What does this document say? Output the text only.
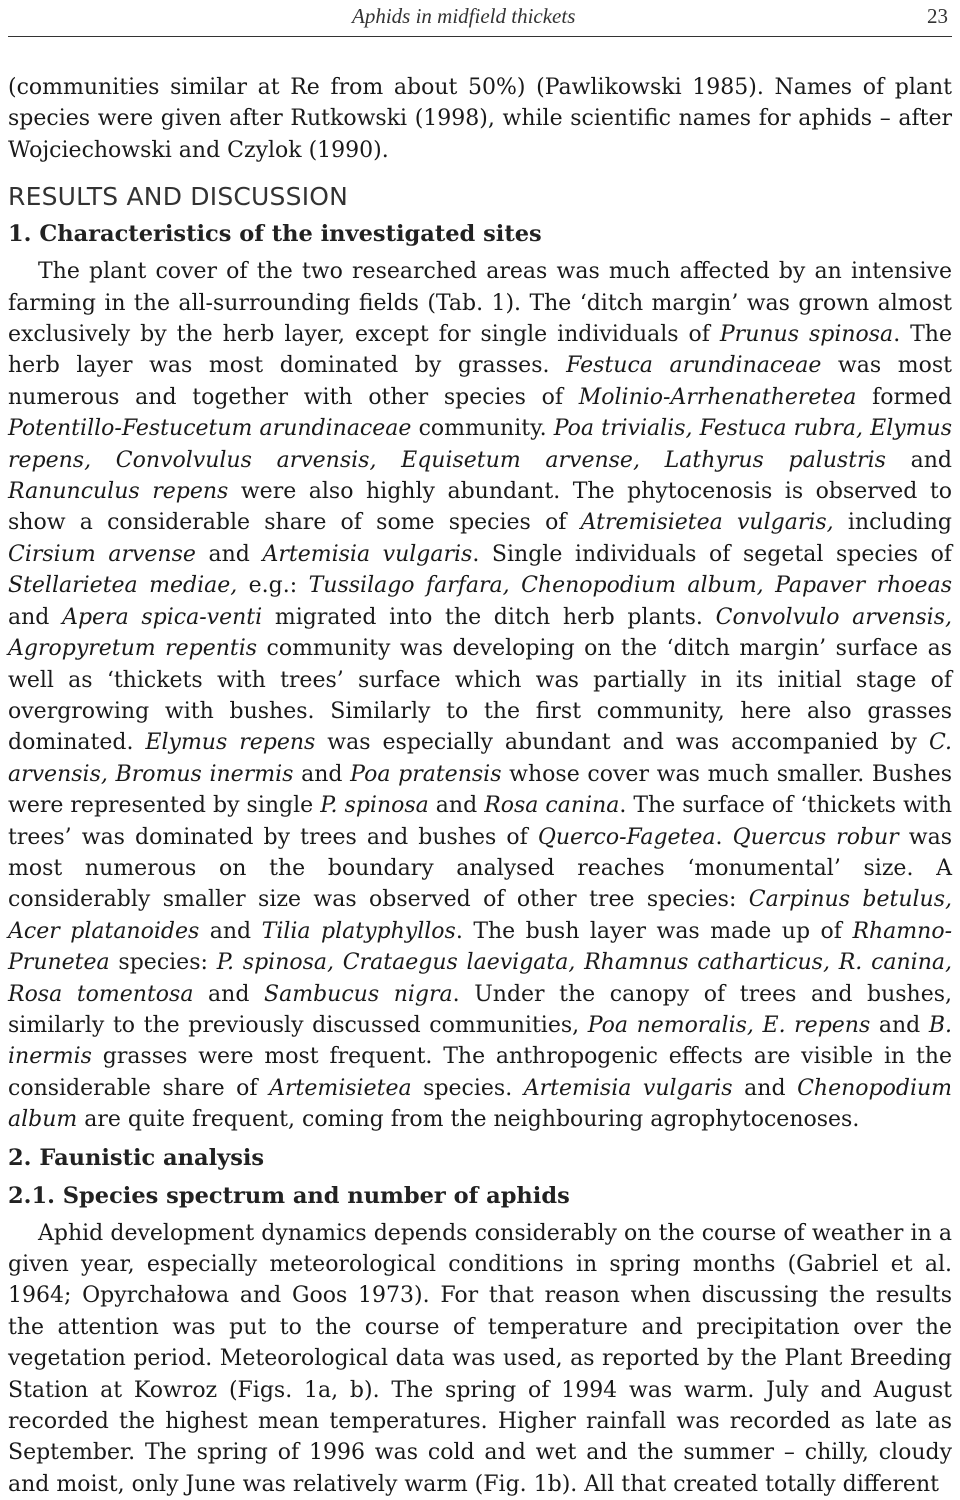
Aphids in midfield thickets	23

(communities similar at Re from about 50%) (Pawlikowski 1985). Names of plant species were given after Rutkowski (1998), while scientific names for aphids – after Wojciechowski and Czylok (1990).

RESULTS AND DISCUSSION
1. Characteristics of the investigated sites

The plant cover of the two researched areas was much affected by an intensive farming in the all-surrounding fields (Tab. 1). The ‘ditch margin’ was grown almost exclusively by the herb layer, except for single individuals of Prunus spinosa. The herb layer was most dominated by grasses. Festuca arundinaceae was most numerous and together with other species of Molinio-Arrhenatheretea formed Potentillo-Festucetum arundinaceae community. Poa trivialis, Festuca rubra, Elymus repens, Convolvulus arvensis, Equisetum arvense, Lathyrus palustris and Ranunculus repens were also highly abundant. The phytocenosis is observed to show a considerable share of some species of Atremisietea vulgaris, including Cirsium arvense and Artemisia vulgaris. Single individuals of segetal species of Stellarietea mediae, e.g.: Tussilago farfara, Chenopodium album, Papaver rhoeas and Apera spica-venti migrated into the ditch herb plants. Convolvulo arvensis, Agropyretum repentis community was developing on the ‘ditch margin’ surface as well as ‘thickets with trees’ surface which was partially in its initial stage of overgrowing with bushes. Similarly to the first community, here also grasses dominated. Elymus repens was especially abundant and was accompanied by C. arvensis, Bromus inermis and Poa pratensis whose cover was much smaller. Bushes were represented by single P. spinosa and Rosa canina. The surface of ‘thickets with trees’ was dominated by trees and bushes of Querco-Fagetea. Quercus robur was most numerous on the boundary analysed reaches ‘monumental’ size. A considerably smaller size was observed of other tree species: Carpinus betulus, Acer platanoides and Tilia platyphyllos. The bush layer was made up of Rhamno-Prunetea species: P. spinosa, Crataegus laevigata, Rhamnus catharticus, R. canina, Rosa tomentosa and Sambucus nigra. Under the canopy of trees and bushes, similarly to the previously discussed communities, Poa nemoralis, E. repens and B. inermis grasses were most frequent. The anthropogenic effects are visible in the considerable share of Artemisietea species. Artemisia vulgaris and Chenopodium album are quite frequent, coming from the neighbouring agrophytocenoses.

2. Faunistic analysis
2.1. Species spectrum and number of aphids

Aphid development dynamics depends considerably on the course of weather in a given year, especially meteorological conditions in spring months (Gabriel et al. 1964; Opyrchałowa and Goos 1973). For that reason when discussing the results the attention was put to the course of temperature and precipitation over the vegetation period. Meteorological data was used, as reported by the Plant Breeding Station at Kowroz (Figs. 1a, b). The spring of 1994 was warm. July and August recorded the highest mean temperatures. Higher rainfall was recorded as late as September. The spring of 1996 was cold and wet and the summer – chilly, cloudy and moist, only June was relatively warm (Fig. 1b). All that created totally different
